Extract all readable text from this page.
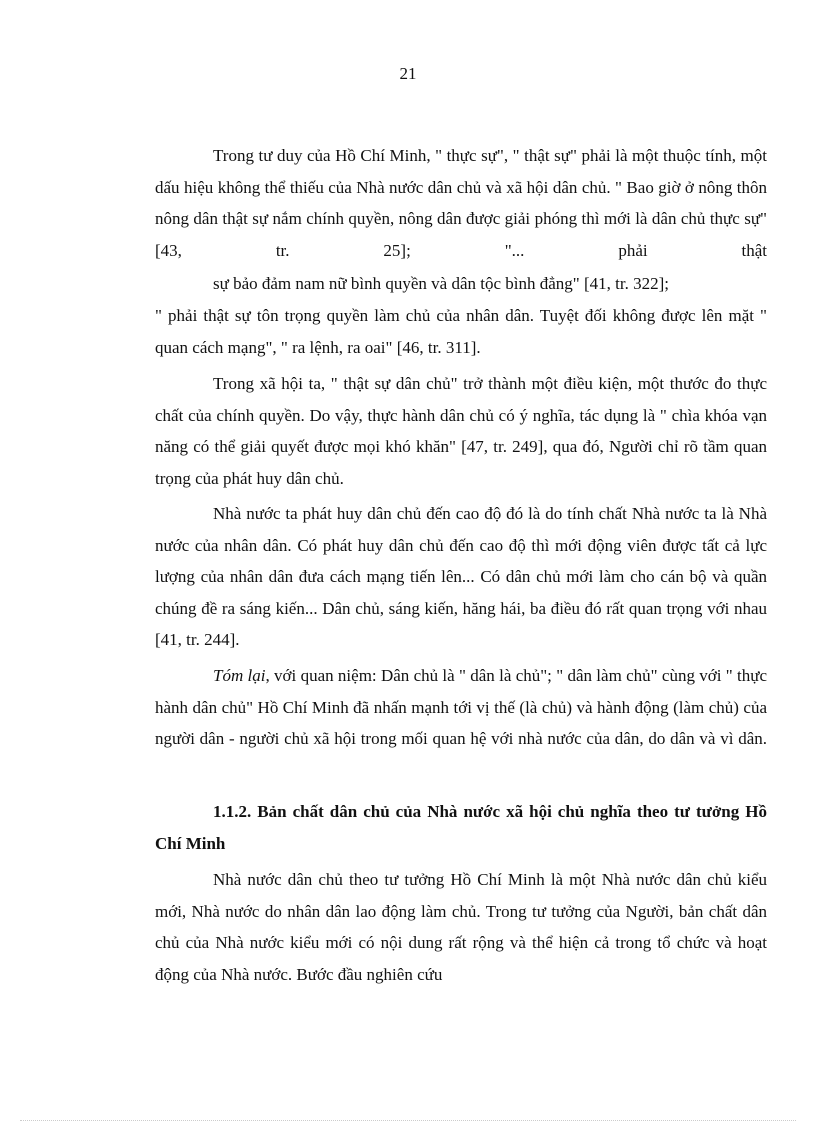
21

Trong tư duy của Hồ Chí Minh, " thực sự", " thật sự" phải là một thuộc tính, một dấu hiệu không thể thiếu của Nhà nước dân chủ và xã hội dân chủ. " Bao giờ ở nông thôn nông dân thật sự nắm chính quyền, nông dân được giải phóng thì mới là dân chủ thực sự" [43, tr. 25]; "... phải thật

sự bảo đảm nam nữ bình quyền và dân tộc bình đẳng" [41, tr. 322];

" phải thật sự tôn trọng quyền làm chủ của nhân dân. Tuyệt đối không được lên mặt " quan cách mạng", " ra lệnh, ra oai" [46, tr. 311].

Trong xã hội ta, " thật sự dân chủ" trở thành một điều kiện, một thước đo thực chất của chính quyền. Do vậy, thực hành dân chủ có ý nghĩa, tác dụng là " chìa khóa vạn năng có thể giải quyết được mọi khó khăn" [47, tr. 249], qua đó, Người chỉ rõ tầm quan trọng của phát huy dân chủ.

Nhà nước ta phát huy dân chủ đến cao độ đó là do tính chất Nhà nước ta là Nhà nước của nhân dân. Có phát huy dân chủ đến cao độ thì mới động viên được tất cả lực lượng của nhân dân đưa cách mạng tiến lên... Có dân chủ mới làm cho cán bộ và quần chúng đề ra sáng kiến... Dân chủ, sáng kiến, hăng hái, ba điều đó rất quan trọng với nhau [41, tr. 244].

Tóm lại, với quan niệm: Dân chủ là " dân là chủ"; " dân làm chủ" cùng với " thực hành dân chủ" Hồ Chí Minh đã nhấn mạnh tới vị thế (là chủ) và hành động (làm chủ) của người dân - người chủ xã hội trong mối quan hệ với nhà nước của dân, do dân và vì dân.

1.1.2. Bản chất dân chủ của Nhà nước xã hội chủ nghĩa theo tư tưởng Hồ Chí Minh

Nhà nước dân chủ theo tư tưởng Hồ Chí Minh là một Nhà nước dân chủ kiểu mới, Nhà nước do nhân dân lao động làm chủ. Trong tư tưởng của Người, bản chất dân chủ của Nhà nước kiểu mới có nội dung rất rộng và thể hiện cả trong tổ chức và hoạt động của Nhà nước. Bước đầu nghiên cứu
